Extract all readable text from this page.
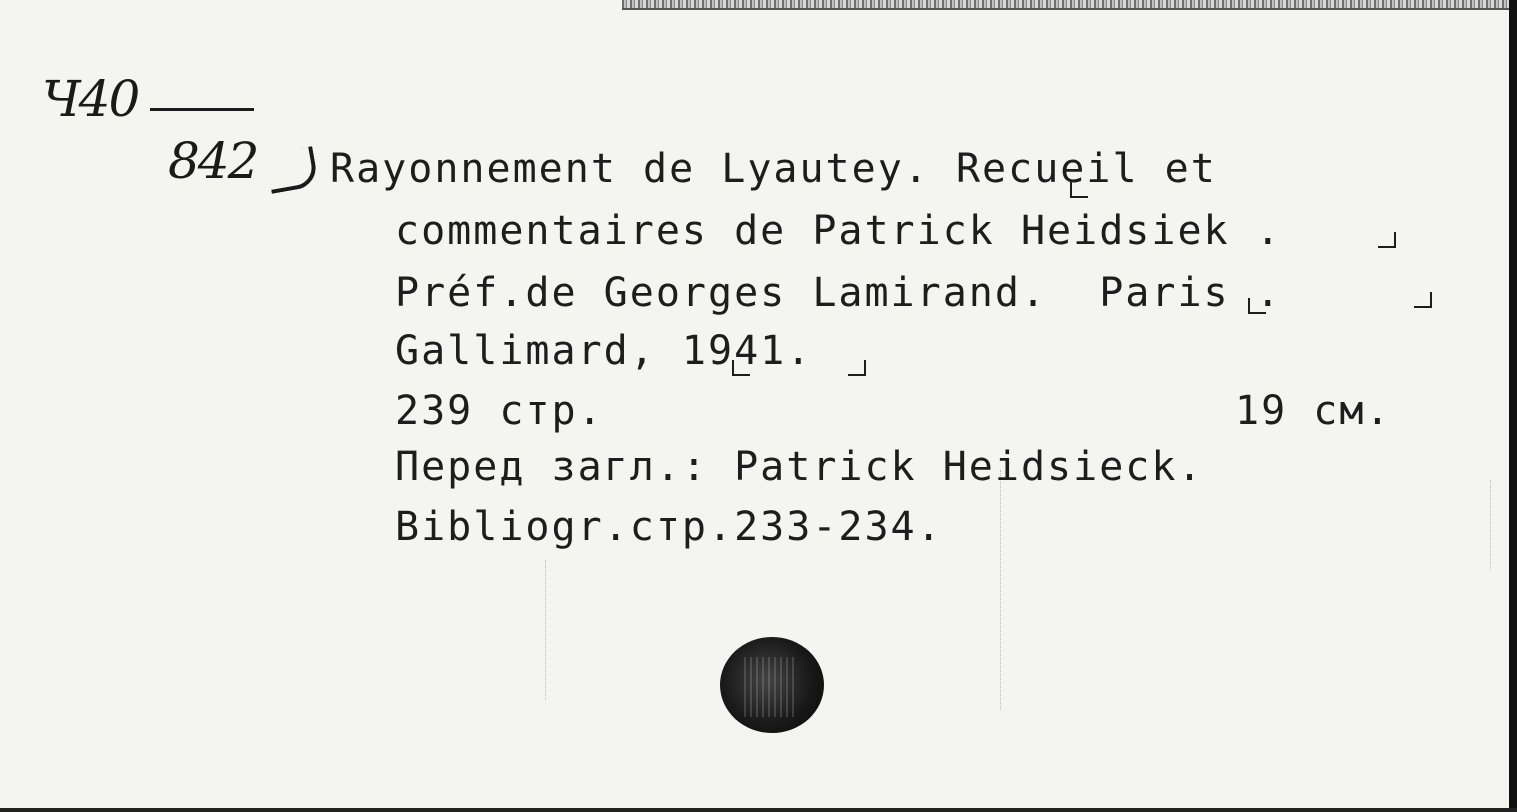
Ч40
842 Rayonnement de Lyautey. Recueil et
commentaires de Patrick Heidsiek .
Préf.de Georges Lamirand.  Paris .
Gallimard, 1941.
239 стр.	19 см.
Перед загл.: Patrick Heidsieck.
Bibliogr.стр.233-234.
